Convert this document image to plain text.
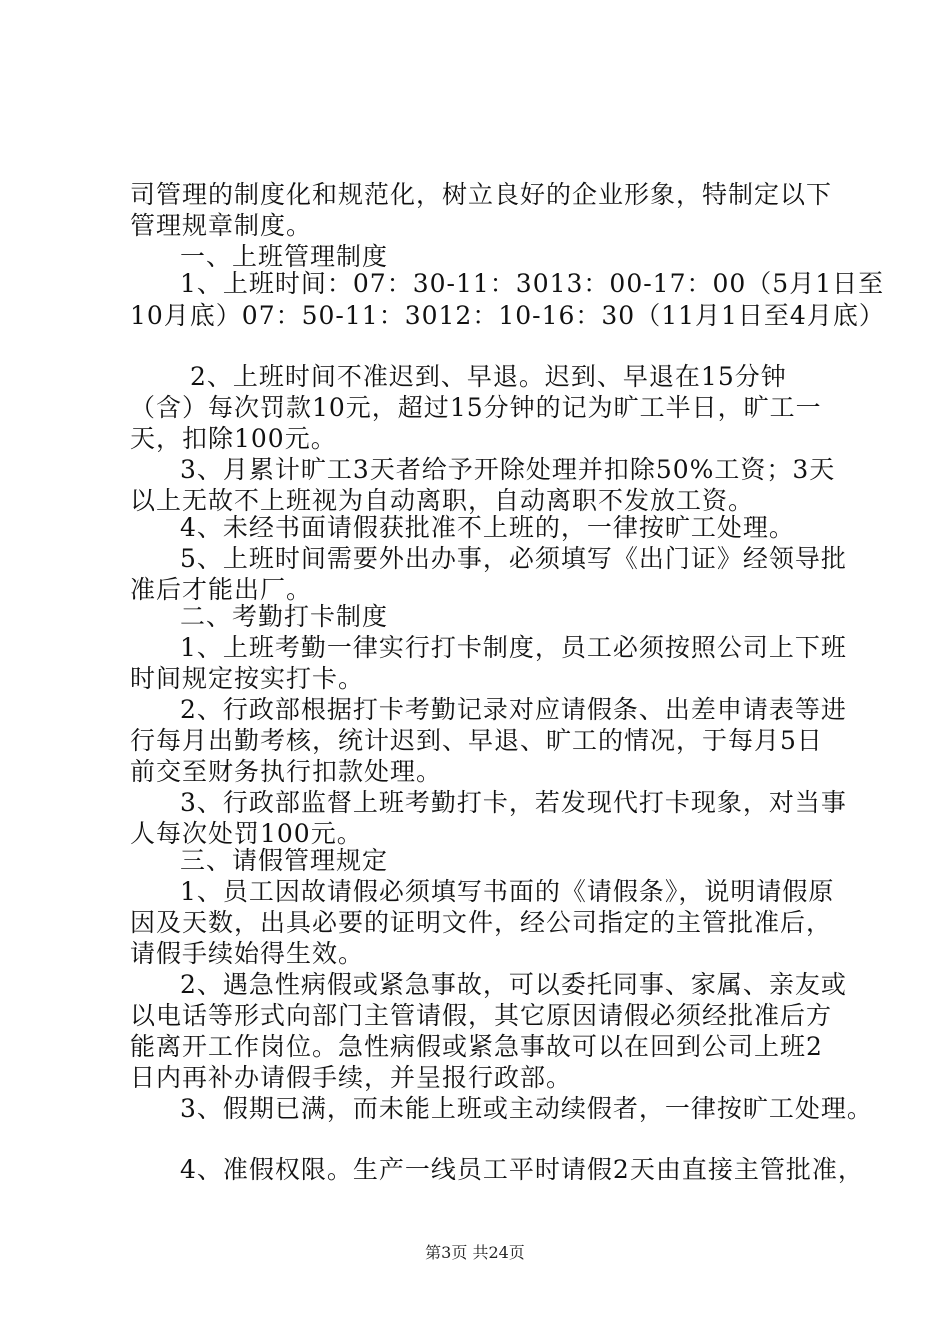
司管理的制度化和规范化，树立良好的企业形象，特制定以下
管理规章制度。
一、上班管理制度
1、上班时间：07：30-11：3013：00-17：00（5月1日至
10月底）07：50-11：3012：10-16：30（11月1日至4月底）
2、上班时间不准迟到、早退。迟到、早退在15分钟
（含）每次罚款10元，超过15分钟的记为旷工半日，旷工一
天，扣除100元。
3、月累计旷工3天者给予开除处理并扣除50%工资；3天
以上无故不上班视为自动离职，自动离职不发放工资。
4、未经书面请假获批准不上班的，一律按旷工处理。
5、上班时间需要外出办事，必须填写《出门证》经领导批
准后才能出厂。
二、考勤打卡制度
1、上班考勤一律实行打卡制度，员工必须按照公司上下班
时间规定按实打卡。
2、行政部根据打卡考勤记录对应请假条、出差申请表等进
行每月出勤考核，统计迟到、早退、旷工的情况，于每月5日
前交至财务执行扣款处理。
3、行政部监督上班考勤打卡，若发现代打卡现象，对当事
人每次处罚100元。
三、请假管理规定
1、员工因故请假必须填写书面的《请假条》，说明请假原
因及天数，出具必要的证明文件，经公司指定的主管批准后，
请假手续始得生效。
2、遇急性病假或紧急事故，可以委托同事、家属、亲友或
以电话等形式向部门主管请假，其它原因请假必须经批准后方
能离开工作岗位。急性病假或紧急事故可以在回到公司上班2
日内再补办请假手续，并呈报行政部。
3、假期已满，而未能上班或主动续假者，一律按旷工处理。
4、准假权限。生产一线员工平时请假2天由直接主管批准，
第3页 共24页
